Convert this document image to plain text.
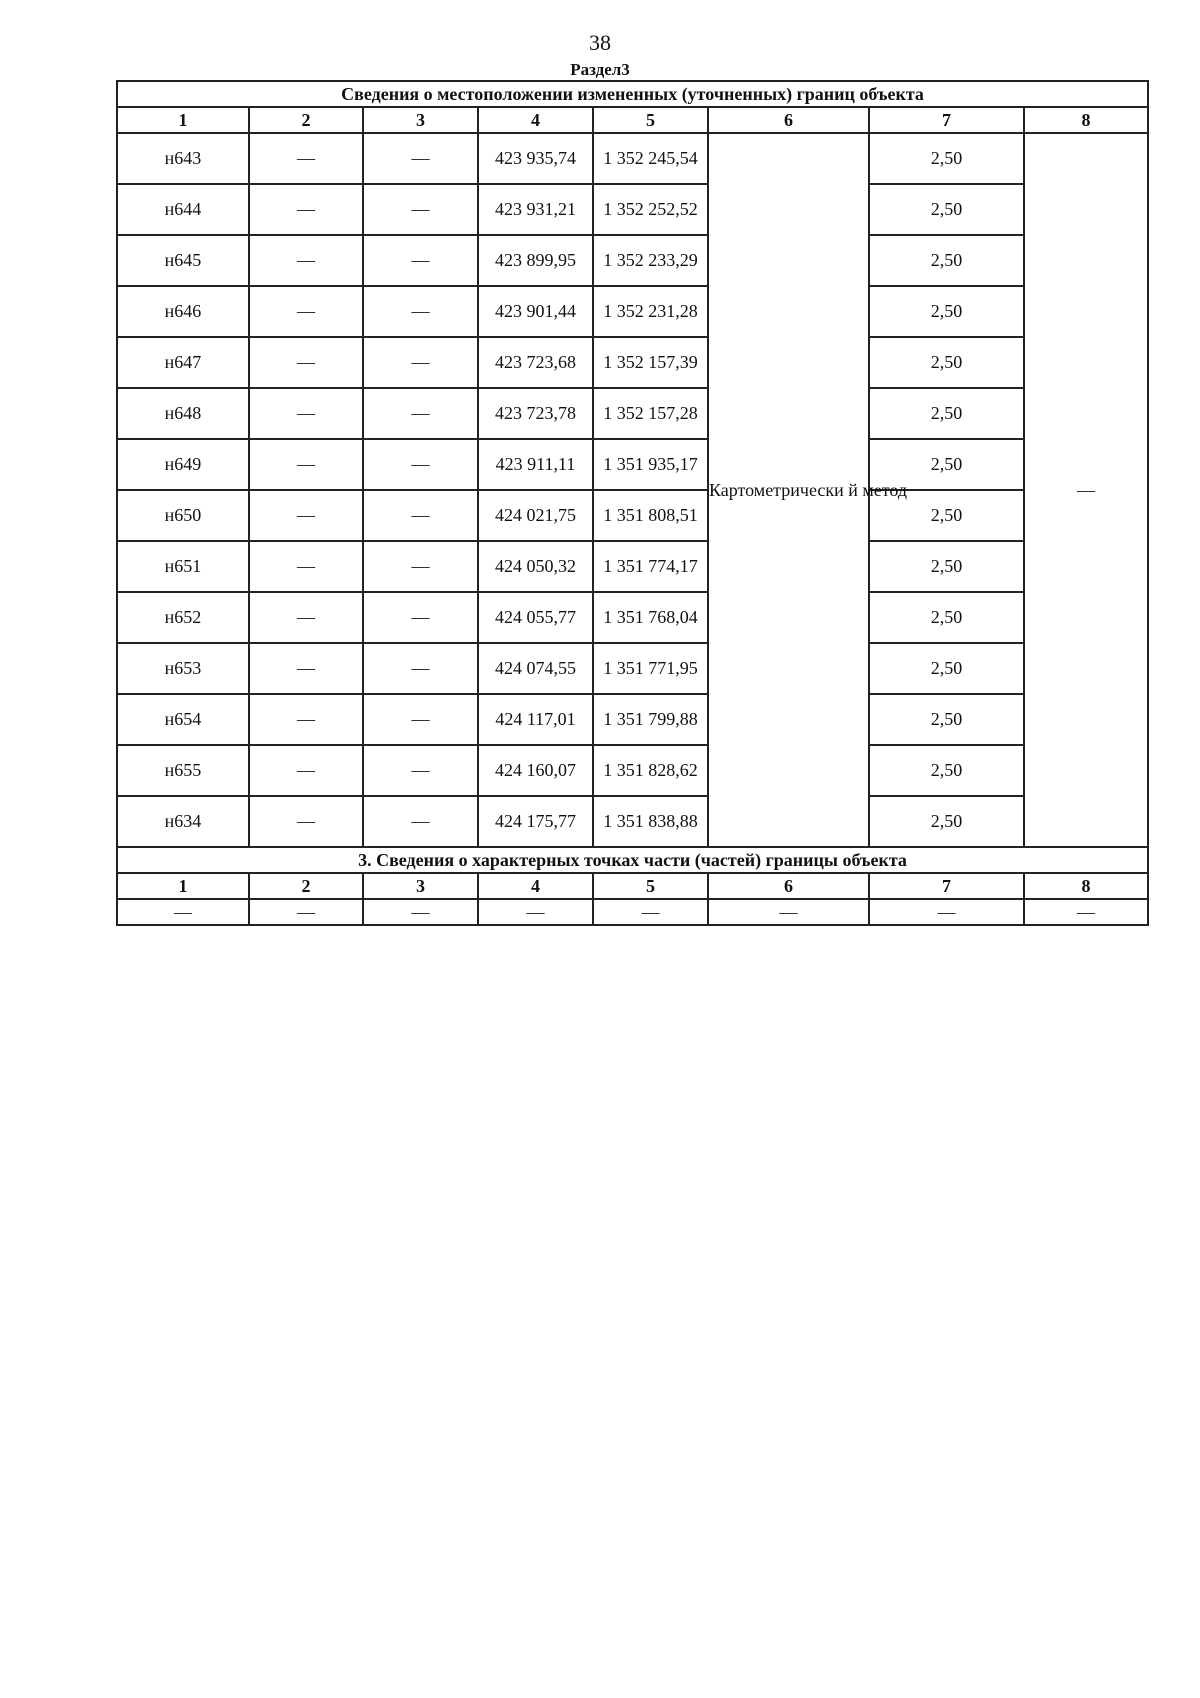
38
Раздел3
Сведения о местоположении измененных (уточненных) границ объекта							
1	2	3	4	5	6	7	8
н643	—	—	423 935,74	1 352 245,54	Картометрически й метод	2,50	—
н644	—	—	423 931,21	1 352 252,52		2,50	
н645	—	—	423 899,95	1 352 233,29		2,50	
н646	—	—	423 901,44	1 352 231,28		2,50	
н647	—	—	423 723,68	1 352 157,39		2,50	
н648	—	—	423 723,78	1 352 157,28		2,50	
н649	—	—	423 911,11	1 351 935,17		2,50	
н650	—	—	424 021,75	1 351 808,51		2,50	
н651	—	—	424 050,32	1 351 774,17		2,50	
н652	—	—	424 055,77	1 351 768,04		2,50	
н653	—	—	424 074,55	1 351 771,95		2,50	
н654	—	—	424 117,01	1 351 799,88		2,50	
н655	—	—	424 160,07	1 351 828,62		2,50	
н634	—	—	424 175,77	1 351 838,88		2,50	
3. Сведения о характерных точках части (частей) границы объекта							
1	2	3	4	5	6	7	8
—	—	—	—	—	—	—	—
